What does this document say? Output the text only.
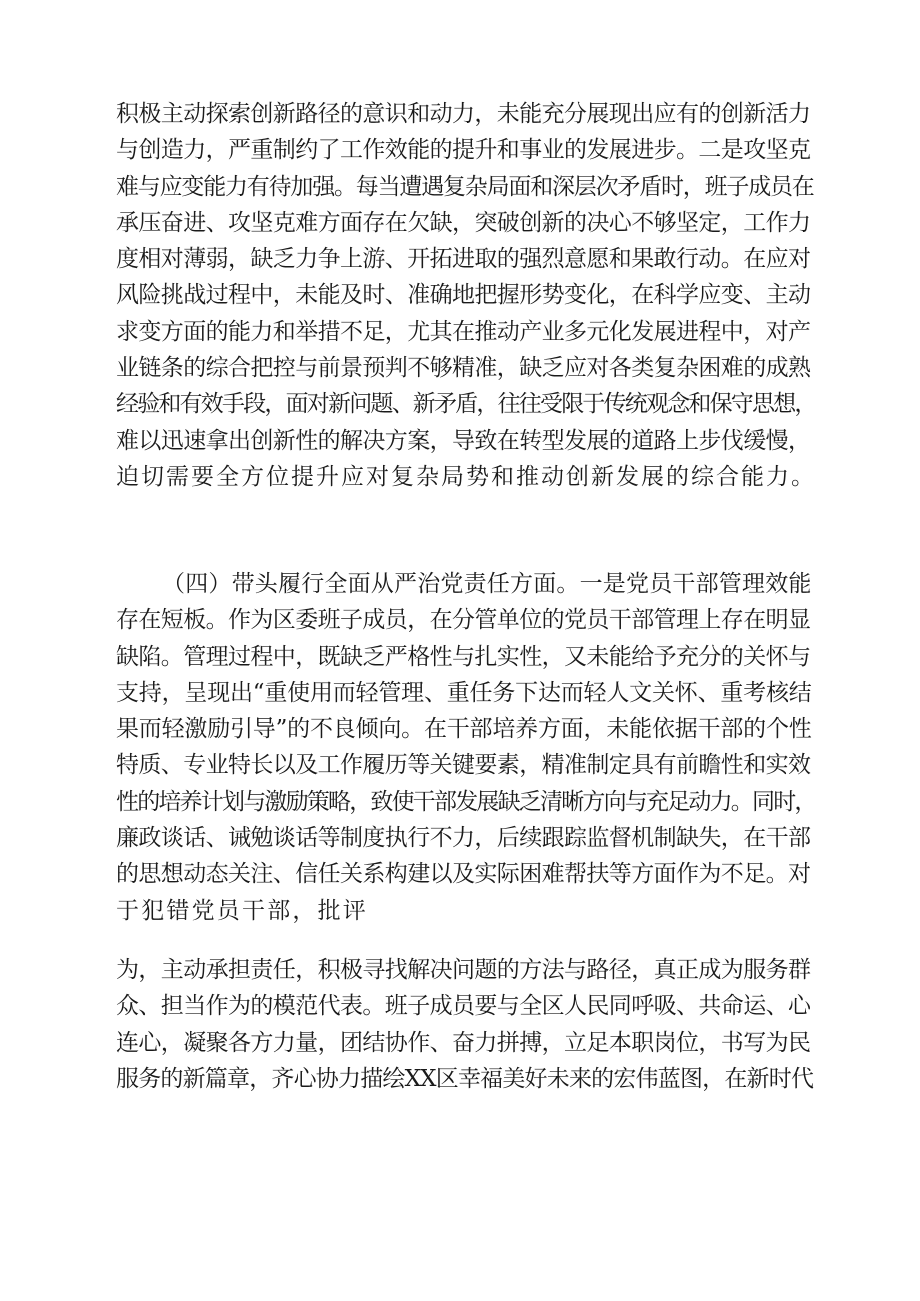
积极主动探索创新路径的意识和动力，未能充分展现出应有的创新活力
与创造力，严重制约了工作效能的提升和事业的发展进步。二是攻坚克
难与应变能力有待加强。每当遭遇复杂局面和深层次矛盾时，班子成员在
承压奋进、攻坚克难方面存在欠缺，突破创新的决心不够坚定，工作力
度相对薄弱，缺乏力争上游、开拓进取的强烈意愿和果敢行动。在应对
风险挑战过程中，未能及时、准确地把握形势变化，在科学应变、主动
求变方面的能力和举措不足，尤其在推动产业多元化发展进程中，对产
业链条的综合把控与前景预判不够精准，缺乏应对各类复杂困难的成熟
经验和有效手段，面对新问题、新矛盾，往往受限于传统观念和保守思想，
难以迅速拿出创新性的解决方案，导致在转型发展的道路上步伐缓慢，
迫切需要全方位提升应对复杂局势和推动创新发展的综合能力。
（四）带头履行全面从严治党责任方面。一是党员干部管理效能
存在短板。作为区委班子成员，在分管单位的党员干部管理上存在明显
缺陷。管理过程中，既缺乏严格性与扎实性，又未能给予充分的关怀与
支持，呈现出“重使用而轻管理、重任务下达而轻人文关怀、重考核结
果而轻激励引导”的不良倾向。在干部培养方面，未能依据干部的个性
特质、专业特长以及工作履历等关键要素，精准制定具有前瞻性和实效
性的培养计划与激励策略，致使干部发展缺乏清晰方向与充足动力。同时，
廉政谈话、诫勉谈话等制度执行不力，后续跟踪监督机制缺失，在干部
的思想动态关注、信任关系构建以及实际困难帮扶等方面作为不足。对
于犯错党员干部，批评
为，主动承担责任，积极寻找解决问题的方法与路径，真正成为服务群
众、担当作为的模范代表。班子成员要与全区人民同呼吸、共命运、心
连心，凝聚各方力量，团结协作、奋力拼搏，立足本职岗位，书写为民
服务的新篇章，齐心协力描绘XX区幸福美好未来的宏伟蓝图，在新时代
